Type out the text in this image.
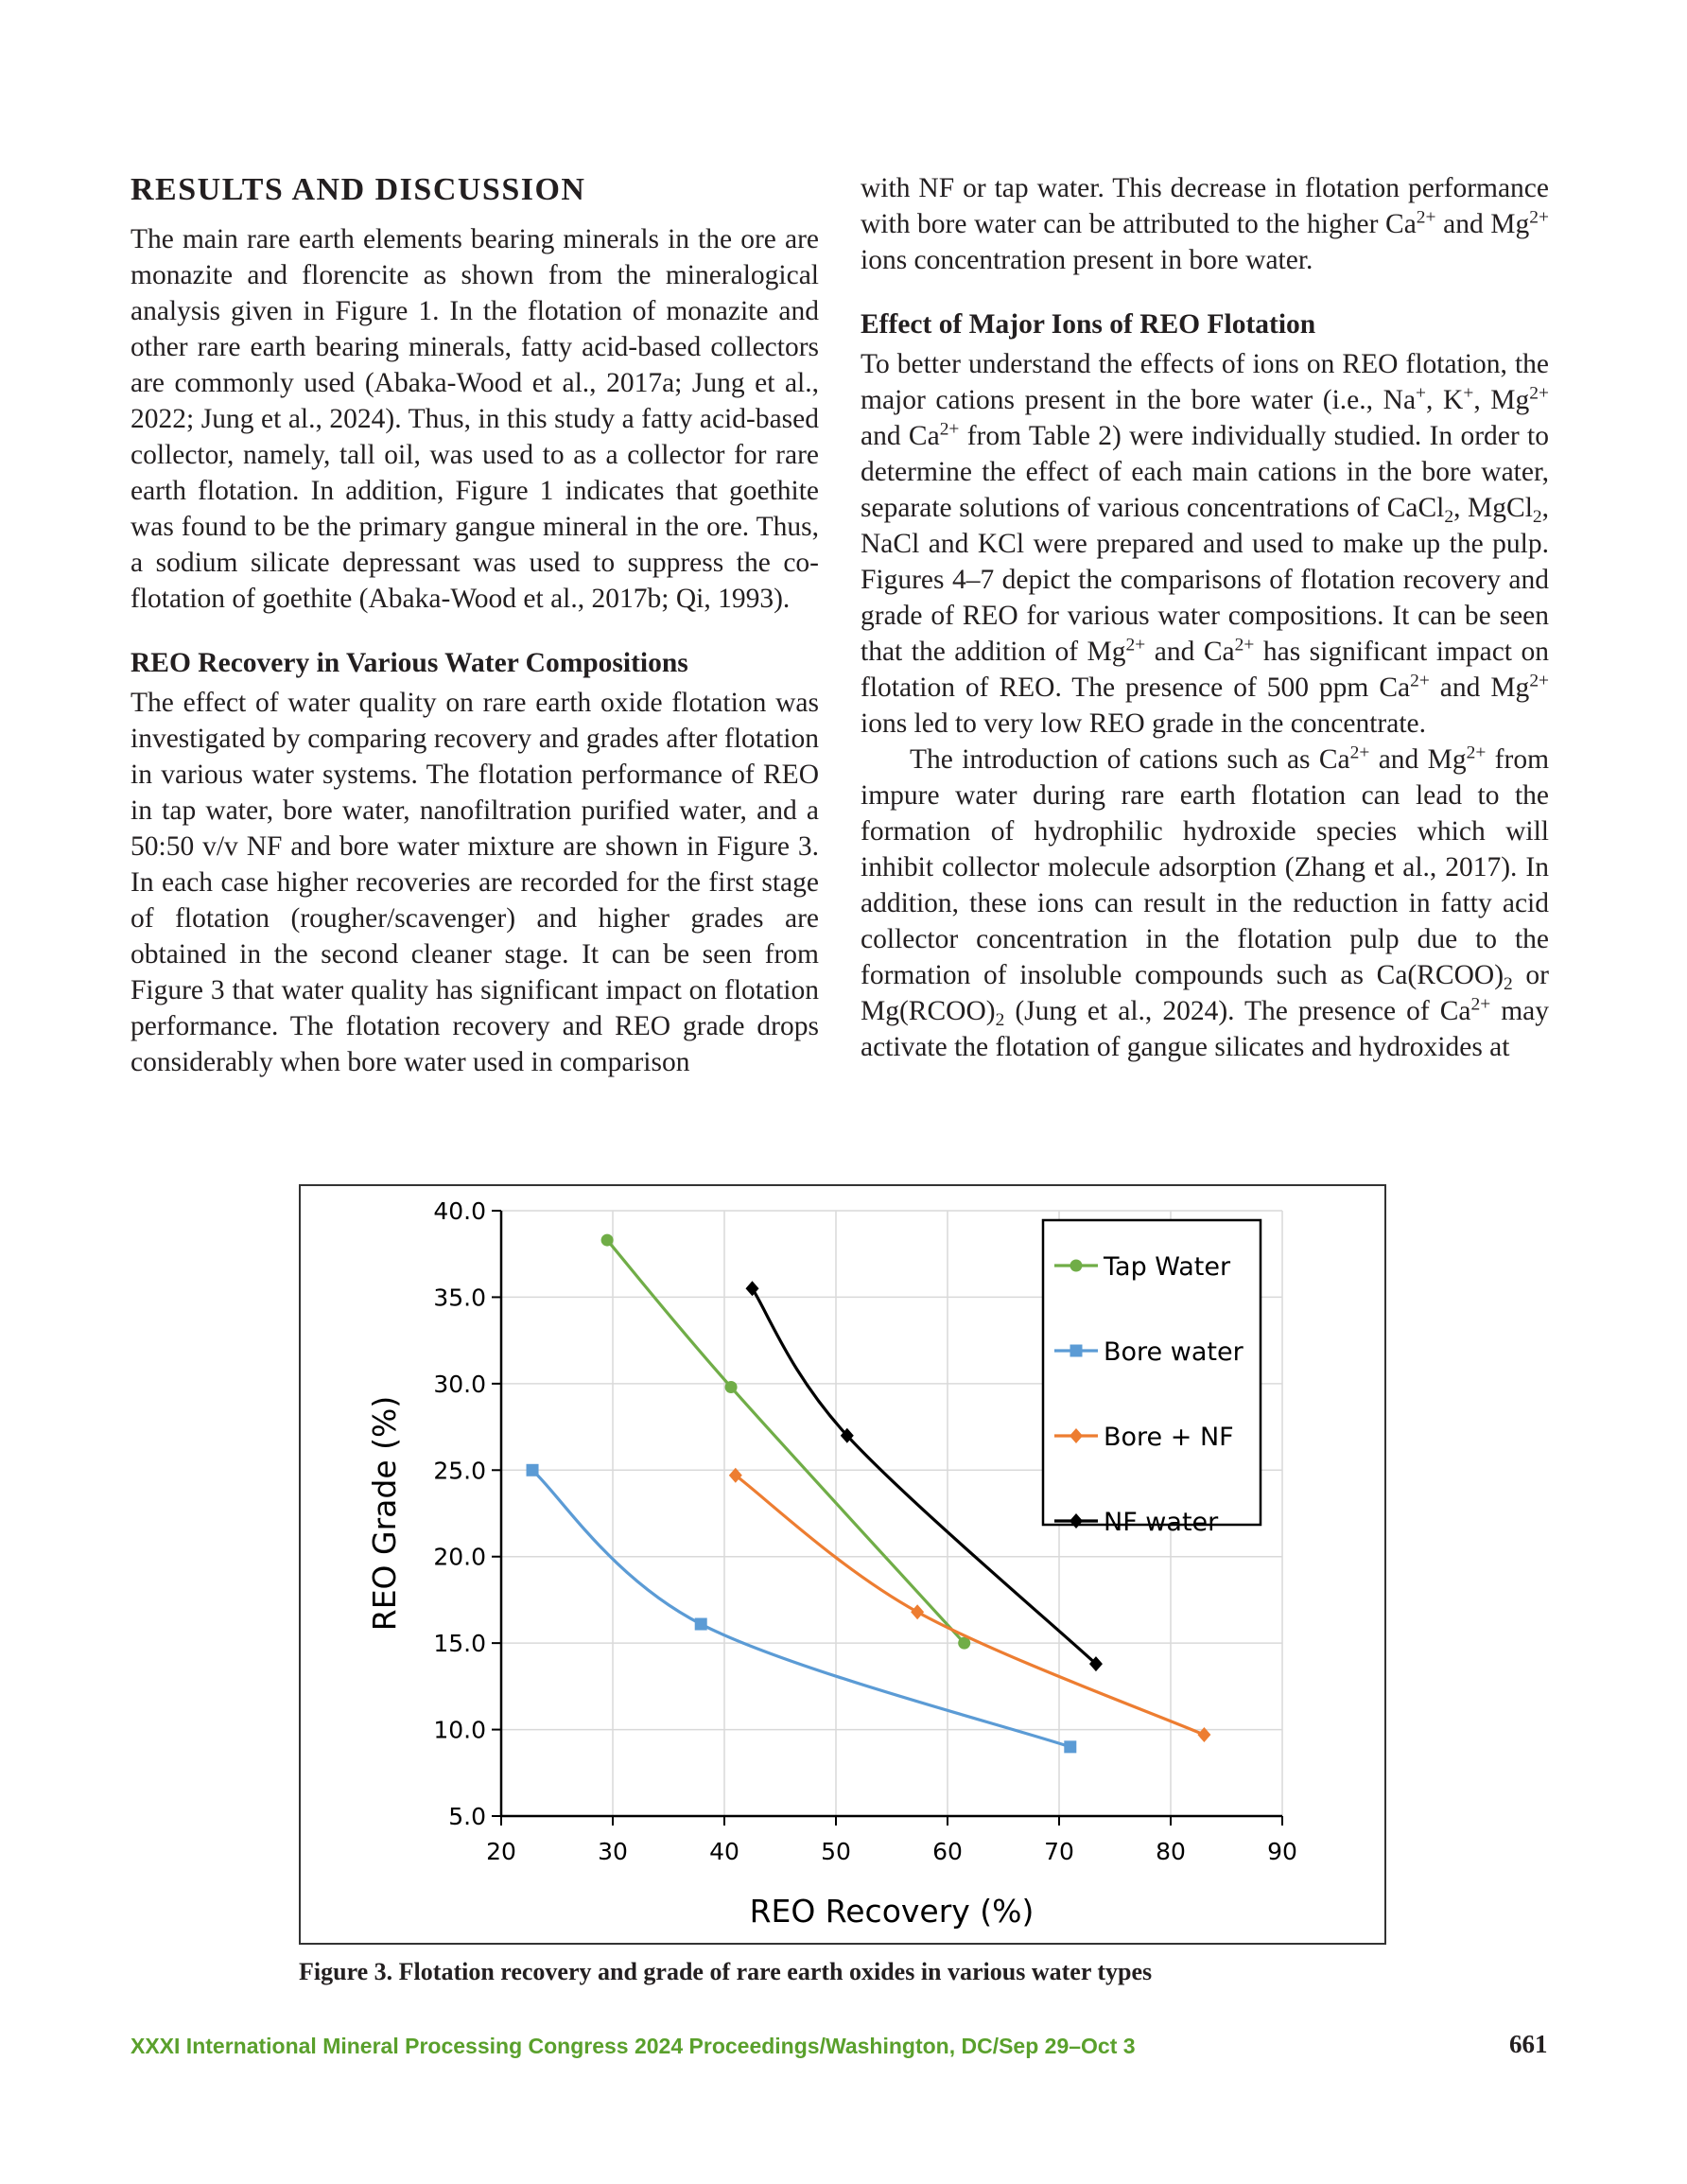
RESULTS AND DISCUSSION

The main rare earth elements bearing minerals in the ore are monazite and florencite as shown from the mineralogical analysis given in Figure 1. In the flotation of monazite and other rare earth bearing minerals, fatty acid-based collectors are commonly used (Abaka-Wood et al., 2017a; Jung et al., 2022; Jung et al., 2024). Thus, in this study a fatty acid-based collector, namely, tall oil, was used to as a collector for rare earth flotation. In addition, Figure 1 indicates that goethite was found to be the primary gangue mineral in the ore. Thus, a sodium silicate depressant was used to suppress the co-flotation of goethite (Abaka-Wood et al., 2017b; Qi, 1993).

REO Recovery in Various Water Compositions

The effect of water quality on rare earth oxide flotation was investigated by comparing recovery and grades after flotation in various water systems. The flotation performance of REO in tap water, bore water, nanofiltration purified water, and a 50:50 v/v NF and bore water mixture are shown in Figure 3. In each case higher recoveries are recorded for the first stage of flotation (rougher/scavenger) and higher grades are obtained in the second cleaner stage. It can be seen from Figure 3 that water quality has significant impact on flotation performance. The flotation recovery and REO grade drops considerably when bore water used in comparison

with NF or tap water. This decrease in flotation performance with bore water can be attributed to the higher $Ca^{2+}$ and $Mg^{2+}$ ions concentration present in bore water.

Effect of Major Ions of REO Flotation

To better understand the effects of ions on REO flotation, the major cations present in the bore water (i.e., Na+, K+, $Mg^{2+}$ and $Ca^{2+}$ from Table 2) were individually studied. In order to determine the effect of each main cations in the bore water, separate solutions of various concentrations of CaCl$_2$, MgCl$_2$, NaCl and KCl were prepared and used to make up the pulp. Figures 4–7 depict the comparisons of flotation recovery and grade of REO for various water compositions. It can be seen that the addition of $Mg^{2+}$ and $Ca^{2+}$ has significant impact on flotation of REO. The presence of 500 ppm $Ca^{2+}$ and $Mg^{2+}$ ions led to very low REO grade in the concentrate.

The introduction of cations such as $Ca^{2+}$ and $Mg^{2+}$ from impure water during rare earth flotation can lead to the formation of hydrophilic hydroxide species which will inhibit collector molecule adsorption (Zhang et al., 2017). In addition, these ions can result in the reduction in fatty acid collector concentration in the flotation pulp due to the formation of insoluble compounds such as $Ca(RCOO)_2$ or $Mg(RCOO)_2$ (Jung et al., 2024). The presence of $Ca^{2+}$ may activate the flotation of gangue silicates and hydroxides at

20	30	40	50	60	70	80	90
5.0
10.0
15.0
20.0
25.0
30.0
35.0
40.0
REO Recovery (%)
REO Grade (%)
Tap Water
Bore water
Bore + NF
NF water
Figure 3. Flotation recovery and grade of rare earth oxides in various water types
XXXI International Mineral Processing Congress 2024 Proceedings/Washington, DC/Sep 29–Oct 3	661
